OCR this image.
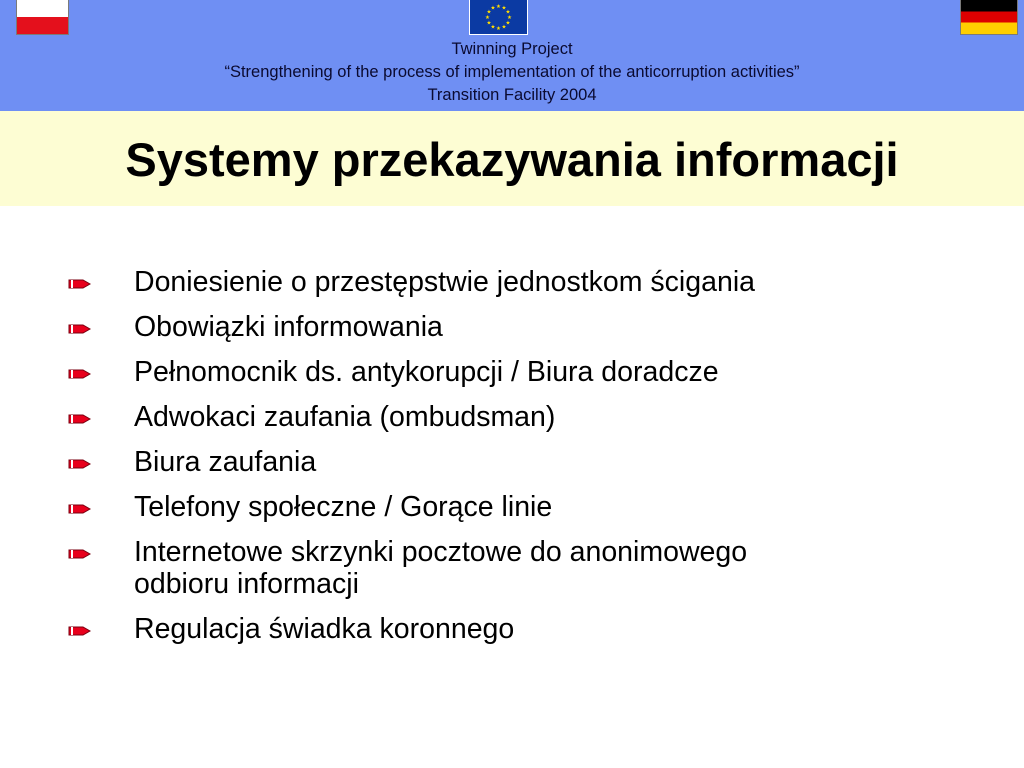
★ ★
★
★
★
★
★
★
★
★
★
★
Twinning Project
“Strengthening of the process of implementation of the anticorruption activities”
Transition Facility 2004
Systemy przekazywania informacji
Doniesienie o przestępstwie jednostkom ścigania
Obowiązki informowania
Pełnomocnik ds. antykorupcji / Biura doradcze
Adwokaci zaufania (ombudsman)
Biura zaufania
Telefony społeczne / Gorące linie
Internetowe skrzynki pocztowe do anonimowego
odbioru informacji
Regulacja świadka koronnego
